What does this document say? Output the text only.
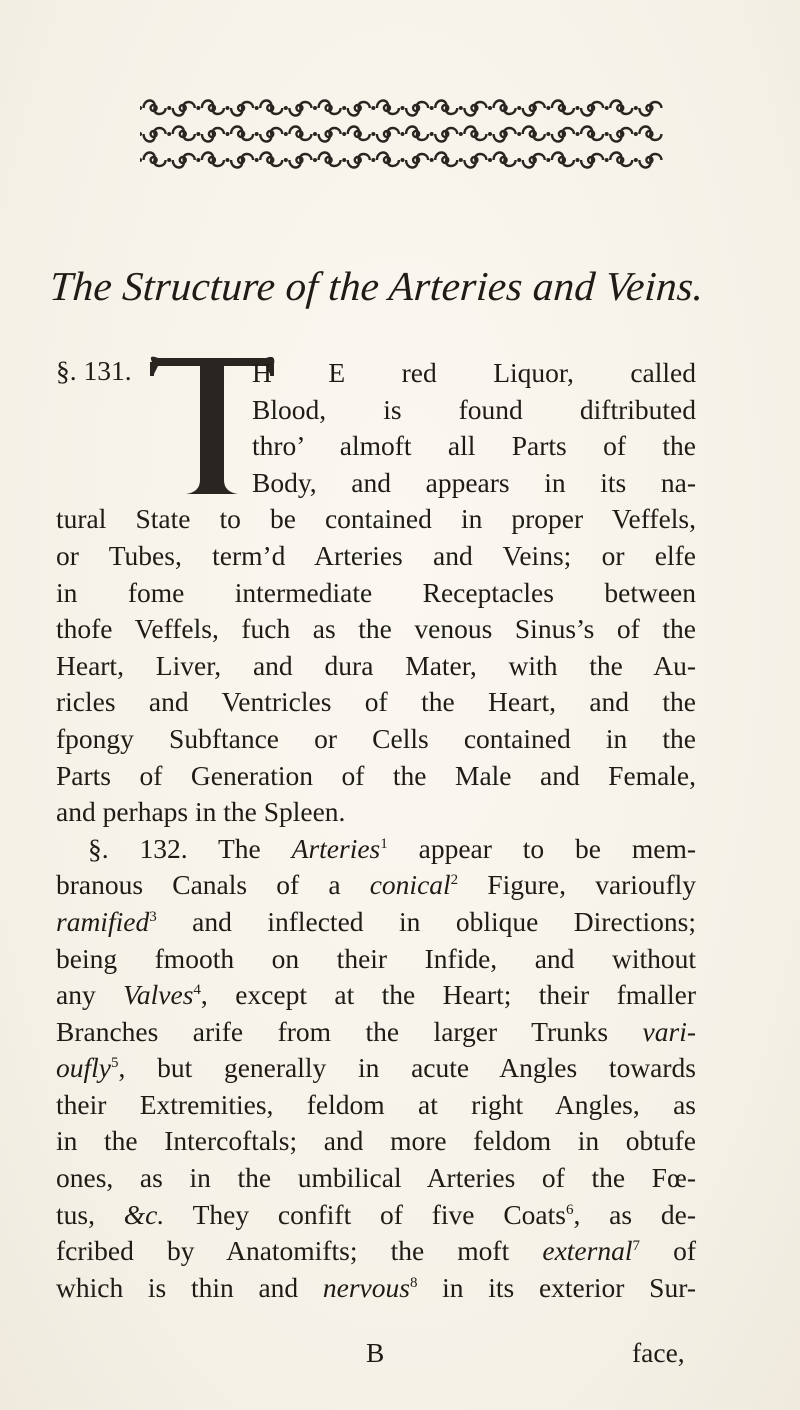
The Structure of the Arteries and Veins.
§. 131.	H E red Liquor, called
Blood, is found diftributed
thro’ almoft all Parts of the
Body, and appears in its na-
tural State to be contained in proper Veffels,
or Tubes, term’d Arteries and Veins; or elfe
in fome intermediate Receptacles between
thofe Veffels, fuch as the venous Sinus’s of the
Heart, Liver, and dura Mater, with the Au-
ricles and Ventricles of the Heart, and the
fpongy Subftance or Cells contained in the
Parts of Generation of the Male and Female,
and perhaps in the Spleen.
§. 132. The Arteries$^1$ appear to be mem-
branous Canals of a conical$^2$ Figure, varioufly
ramified$^3$ and inflected in oblique Directions;
being fmooth on their Infide, and without
any Valves$^4$, except at the Heart; their fmaller
Branches arife from the larger Trunks vari-
oufly$^5$, but generally in acute Angles towards
their Extremities, feldom at right Angles, as
in the Intercoftals; and more feldom in obtufe
ones, as in the umbilical Arteries of the Fœ-
tus, &c. They confift of five Coats$^6$, as de-
fcribed by Anatomifts; the moft external$^7$ of
which is thin and nervous$^8$ in its exterior Sur-
B	face,
